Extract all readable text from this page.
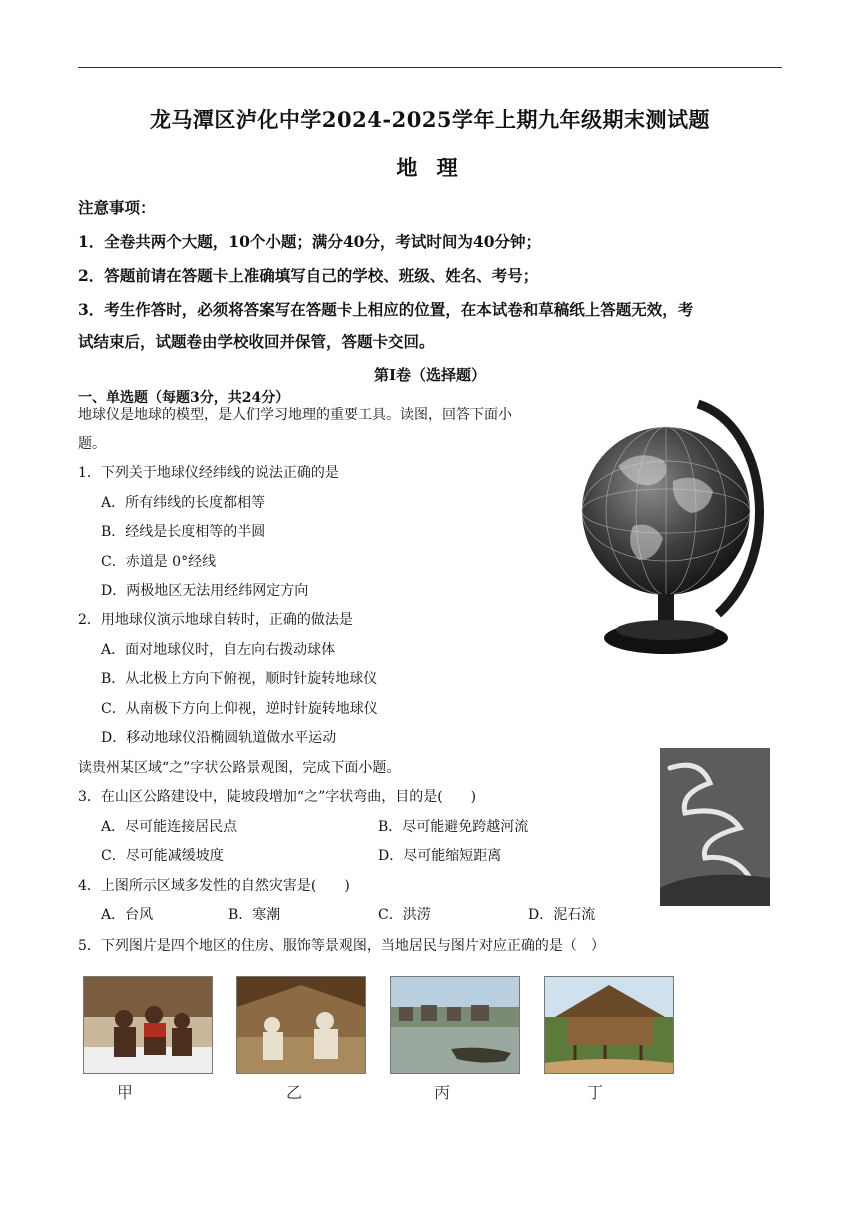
龙马潭区泸化中学2024-2025学年上期九年级期末测试题
地 理
注意事项：
1．全卷共两个大题，10个小题；满分40分，考试时间为40分钟；
2．答题前请在答题卡上准确填写自己的学校、班级、姓名、考号；
3．考生作答时，必须将答案写在答题卡上相应的位置，在本试卷和草稿纸上答题无效，考
试结束后，试题卷由学校收回并保管，答题卡交回。
第Ⅰ卷（选择题）
一、单选题（每题3分，共24分）
地球仪是地球的模型，是人们学习地理的重要工具。读图，回答下面小
题。
1．下列关于地球仪经纬线的说法正确的是
A．所有纬线的长度都相等
B．经线是长度相等的半圆
C．赤道是 0°经线
D．两极地区无法用经纬网定方向
2．用地球仪演示地球自转时，正确的做法是
A．面对地球仪时，自左向右拨动球体
B．从北极上方向下俯视，顺时针旋转地球仪
C．从南极下方向上仰视，逆时针旋转地球仪
D．移动地球仪沿椭圆轨道做水平运动
读贵州某区域“之”字状公路景观图，完成下面小题。
3．在山区公路建设中，陡坡段增加“之”字状弯曲，目的是(　　)
A．尽可能连接居民点	B．尽可能避免跨越河流
C．尽可能减缓坡度	D．尽可能缩短距离
4．上图所示区域多发性的自然灾害是(　　)
A．台风	B．寒潮	C．洪涝	D．泥石流
5．下列图片是四个地区的住房、服饰等景观图，当地居民与图片对应正确的是（　）
甲	乙	丙	丁
